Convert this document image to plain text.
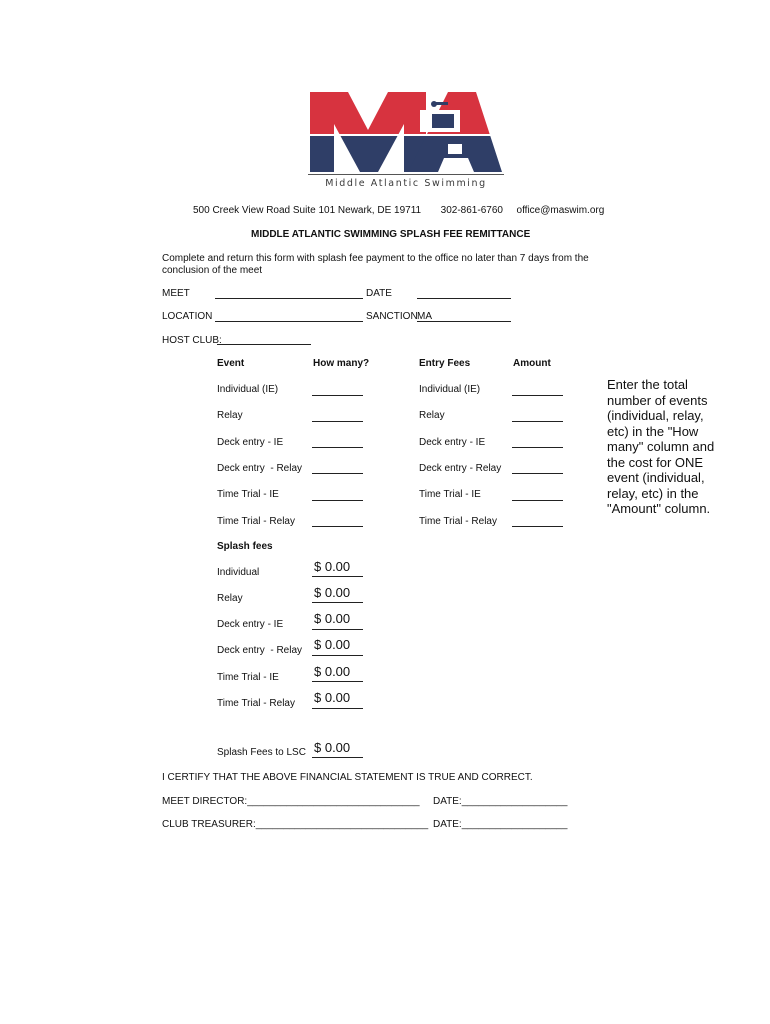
Middle Atlantic Swimming
500 Creek View Road Suite 101 Newark, DE 19711 302-861-6760 office@maswim.org
MIDDLE ATLANTIC SWIMMING SPLASH FEE REMITTANCE
Complete and return this form with splash fee payment to the office no later than 7 days from the
conclusion of the meet
MEET	DATE
LOCATION	SANCTION MA
HOST CLUB:
Event	How many?	Entry Fees	Amount
Individual (IE)	Individual (IE)
Relay	Relay
Deck entry - IE	Deck entry - IE
Deck entry  - Relay	Deck entry - Relay
Time Trial - IE	Time Trial - IE
Time Trial - Relay	Time Trial - Relay
Enter the total number of events (individual, relay, etc) in the "How many" column and the cost for ONE event (individual, relay, etc) in the "Amount" column.
Splash fees
Individual	$ 0.00
Relay	$ 0.00
Deck entry - IE $ 0.00
Deck entry  - Relay $ 0.00
Time Trial - IE	$ 0.00
Time Trial - Relay $ 0.00
Splash Fees to LSC $ 0.00
I CERTIFY THAT THE ABOVE FINANCIAL STATEMENT IS TRUE AND CORRECT.
MEET DIRECTOR:_______________________________ DATE:___________________
CLUB TREASURER:_______________________________ DATE:___________________
